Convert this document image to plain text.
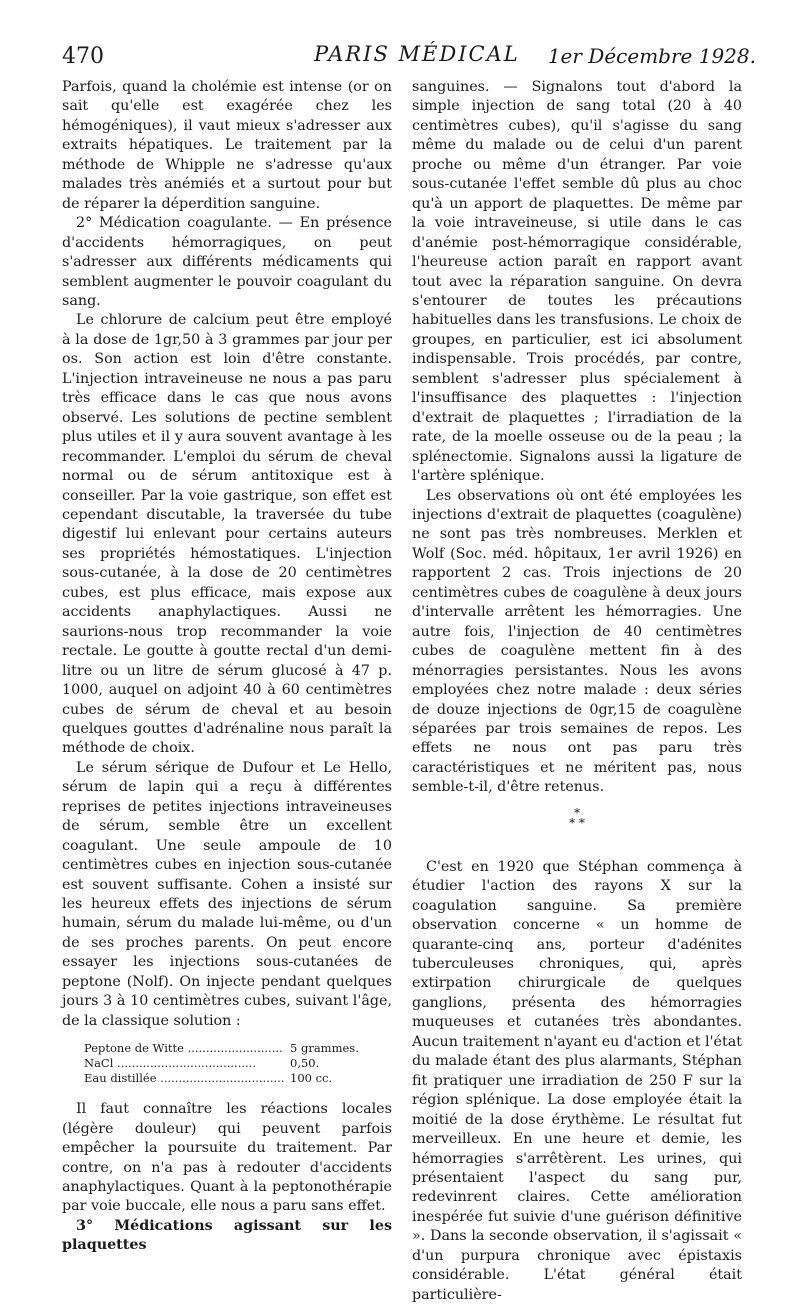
470	PARIS MÉDICAL 1er Décembre 1928.

Parfois, quand la cholémie est intense (or on sait qu'elle est exagérée chez les hémogéniques), il vaut mieux s'adresser aux extraits hépatiques. Le traitement par la méthode de Whipple ne s'adresse qu'aux malades très anémiés et a surtout pour but de réparer la déperdition sanguine.

2° Médication coagulante. — En présence d'accidents hémorragiques, on peut s'adresser aux différents médicaments qui semblent augmenter le pouvoir coagulant du sang.

Le chlorure de calcium peut être employé à la dose de 1gr,50 à 3 grammes par jour per os. Son action est loin d'être constante. L'injection intraveineuse ne nous a pas paru très efficace dans le cas que nous avons observé. Les solutions de pectine semblent plus utiles et il y aura souvent avantage à les recommander. L'emploi du sérum de cheval normal ou de sérum antitoxique est à conseiller. Par la voie gastrique, son effet est cependant discutable, la traversée du tube digestif lui enlevant pour certains auteurs ses propriétés hémostatiques. L'injection sous-cutanée, à la dose de 20 centimètres cubes, est plus efficace, mais expose aux accidents anaphylactiques. Aussi ne saurions-nous trop recommander la voie rectale. Le goutte à goutte rectal d'un demi-litre ou un litre de sérum glucosé à 47 p. 1000, auquel on adjoint 40 à 60 centimètres cubes de sérum de cheval et au besoin quelques gouttes d'adrénaline nous paraît la méthode de choix.

Le sérum sérique de Dufour et Le Hello, sérum de lapin qui a reçu à différentes reprises de petites injections intraveineuses de sérum, semble être un excellent coagulant. Une seule ampoule de 10 centimètres cubes en injection sous-cutanée est souvent suffisante. Cohen a insisté sur les heureux effets des injections de sérum humain, sérum du malade lui-même, ou d'un de ses proches parents. On peut encore essayer les injections sous-cutanées de peptone (Nolf). On injecte pendant quelques jours 3 à 10 centimètres cubes, suivant l'âge, de la classique solution :

Peptone de Witte .....	5 grammes.
NaCl .....	0,50.
Eau distillée .....	100 cc.

Il faut connaître les réactions locales (légère douleur) qui peuvent parfois empêcher la poursuite du traitement. Par contre, on n'a pas à redouter d'accidents anaphylactiques. Quant à la peptonothérapie par voie buccale, elle nous a paru sans effet.

3° Médications agissant sur les plaquettes

sanguines. — Signalons tout d'abord la simple injection de sang total (20 à 40 centimètres cubes), qu'il s'agisse du sang même du malade ou de celui d'un parent proche ou même d'un étranger. Par voie sous-cutanée l'effet semble dû plus au choc qu'à un apport de plaquettes. De même par la voie intraveineuse, si utile dans le cas d'anémie post-hémorragique considérable, l'heureuse action paraît en rapport avant tout avec la réparation sanguine. On devra s'entourer de toutes les précautions habituelles dans les transfusions. Le choix de groupes, en particulier, est ici absolument indispensable. Trois procédés, par contre, semblent s'adresser plus spécialement à l'insuffisance des plaquettes : l'injection d'extrait de plaquettes ; l'irradiation de la rate, de la moelle osseuse ou de la peau ; la splénectomie. Signalons aussi la ligature de l'artère splénique.

Les observations où ont été employées les injections d'extrait de plaquettes (coagulène) ne sont pas très nombreuses. Merklen et Wolf (Soc. méd. hôpitaux, 1er avril 1926) en rapportent 2 cas. Trois injections de 20 centimètres cubes de coagulène à deux jours d'intervalle arrêtent les hémorragies. Une autre fois, l'injection de 40 centimètres cubes de coagulène mettent fin à des ménorragies persistantes. Nous les avons employées chez notre malade : deux séries de douze injections de 0gr,15 de coagulène séparées par trois semaines de repos. Les effets ne nous ont pas paru très caractéristiques et ne méritent pas, nous semble-t-il, d'être retenus.

*
* *

C'est en 1920 que Stéphan commença à étudier l'action des rayons X sur la coagulation sanguine. Sa première observation concerne « un homme de quarante-cinq ans, porteur d'adénites tuberculeuses chroniques, qui, après extirpation chirurgicale de quelques ganglions, présenta des hémorragies muqueuses et cutanées très abondantes. Aucun traitement n'ayant eu d'action et l'état du malade étant des plus alarmants, Stéphan fit pratiquer une irradiation de 250 F sur la région splénique. La dose employée était la moitié de la dose érythème. Le résultat fut merveilleux. En une heure et demie, les hémorragies s'arrêtèrent. Les urines, qui présentaient l'aspect du sang pur, redevinrent claires. Cette amélioration inespérée fut suivie d'une guérison définitive ». Dans la seconde observation, il s'agissait « d'un purpura chronique avec épistaxis considérable. L'état général était particulière-
